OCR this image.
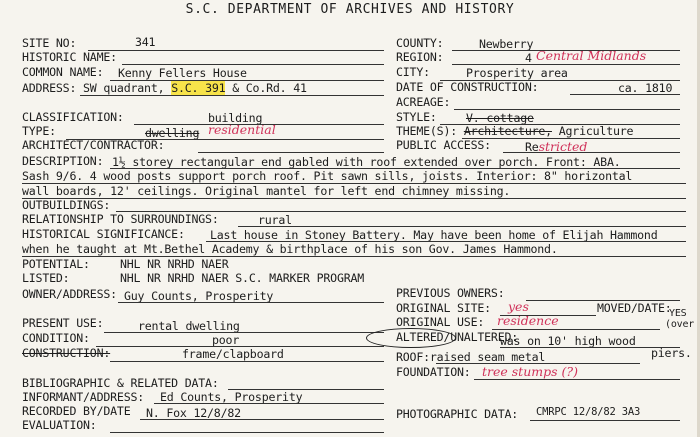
S.C. DEPARTMENT OF ARCHIVES AND HISTORY
SITE NO:	341
HISTORIC NAME:
COMMON NAME: Kenny Fellers House
ADDRESS: SW quadrant, S.C. 391 & Co.Rd. 41
CLASSIFICATION:	building
TYPE:	dwelling residential
ARCHITECT/CONTRACTOR:
COUNTY:	Newberry
REGION:	4 Central Midlands
CITY:	Prosperity area
DATE OF CONSTRUCTION:	ca. 1810
ACREAGE:
STYLE:	V. cottage
THEME(S): Architecture, Agriculture
PUBLIC ACCESS:	Restricted
DESCRIPTION: 1½ storey rectangular end gabled with roof extended over porch. Front: ABA.
Sash 9/6. 4 wood posts support porch roof. Pit sawn sills, joists. Interior: 8" horizontal
wall boards, 12' ceilings. Original mantel for left end chimney missing.
OUTBUILDINGS:
RELATIONSHIP TO SURROUNDINGS:	rural
HISTORICAL SIGNIFICANCE: Last house in Stoney Battery. May have been home of Elijah Hammond
when he taught at Mt.Bethel Academy & birthplace of his son Gov. James Hammond.
POTENTIAL:	NHL NR NRHD NAER
LISTED:	NHL NR NRHD NAER S.C. MARKER PROGRAM
OWNER/ADDRESS: Guy Counts, Prosperity
PRESENT USE:	rental dwelling
CONDITION:	poor
CONSTRUCTION:	frame/clapboard
PREVIOUS OWNERS:
ORIGINAL SITE: yes	MOVED/DATE:
YES
(over
ORIGINAL USE: residence
ALTERED/UNALTERED:
was on 10' high wood
piers.
ROOF:raised seam metal
FOUNDATION: tree stumps (?)
BIBLIOGRAPHIC & RELATED DATA:
INFORMANT/ADDRESS: Ed Counts, Prosperity
RECORDED BY/DATE N. Fox 12/8/82	PHOTOGRAPHIC DATA: CMRPC 12/8/82 3A3
EVALUATION:
